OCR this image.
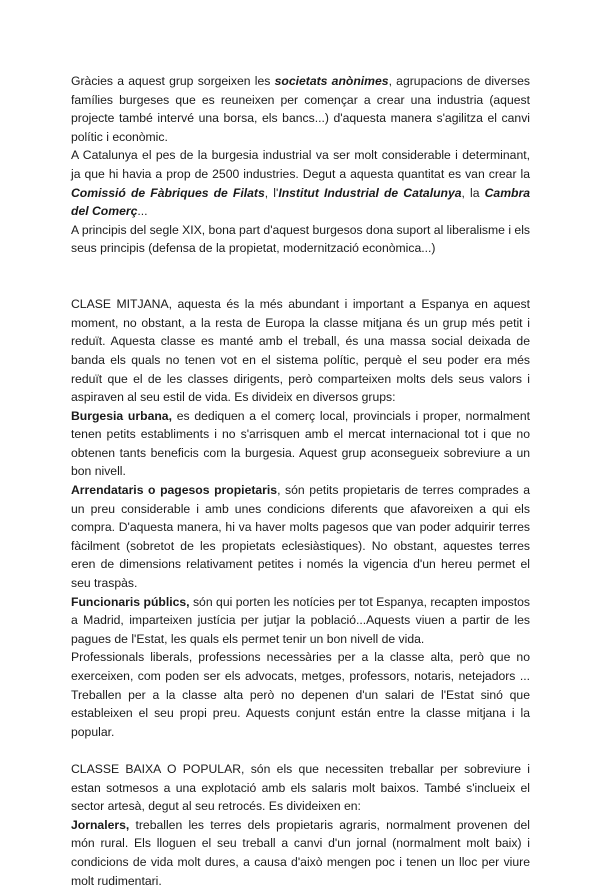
Gràcies a aquest grup sorgeixen les societats anònimes, agrupacions de diverses famílies burgeses que es reuneixen per començar a crear una industria (aquest projecte també intervé una borsa, els bancs...) d'aquesta manera s'agilitza el canvi polític i econòmic.

A Catalunya el pes de la burgesia industrial va ser molt considerable i determinant, ja que hi havia a prop de 2500 industries. Degut a aquesta quantitat es van crear la Comissió de Fàbriques de Filats, l'Institut Industrial de Catalunya, la Cambra del Comerç...

A principis del segle XIX, bona part d'aquest burgesos dona suport al liberalisme i els seus principis (defensa de la propietat, modernització econòmica...)

CLASE MITJANA, aquesta és la més abundant i important a Espanya en aquest moment, no obstant, a la resta de Europa la classe mitjana és un grup més petit i reduït. Aquesta classe es manté amb el treball, és una massa social deixada de banda els quals no tenen vot en el sistema polític, perquè el seu poder era més reduït que el de les classes dirigents, però comparteixen molts dels seus valors i aspiraven al seu estil de vida. Es divideix en diversos grups:

Burgesia urbana, es dediquen a el comerç local, provincials i proper, normalment tenen petits establiments i no s'arrisquen amb el mercat internacional tot i que no obtenen tants beneficis com la burgesia. Aquest grup aconsegueix sobreviure a un bon nivell.

Arrendataris o pagesos propietaris, són petits propietaris de terres comprades a un preu considerable i amb unes condicions diferents que afavoreixen a qui els compra. D'aquesta manera, hi va haver molts pagesos que van poder adquirir terres fàcilment (sobretot de les propietats eclesiàstiques). No obstant, aquestes terres eren de dimensions relativament petites i només la vigencia d'un hereu permet el seu traspàs.

Funcionaris públics, són qui porten les notícies per tot Espanya, recapten impostos a Madrid, imparteixen justícia per jutjar la població...Aquests viuen a partir de les pagues de l'Estat, les quals els permet tenir un bon nivell de vida.

Professionals liberals, professions necessàries per a la classe alta, però que no exerceixen, com poden ser els advocats, metges, professors, notaris, netejadors ... Treballen per a la classe alta però no depenen d'un salari de l'Estat sinó que estableixen el seu propi preu. Aquests conjunt están entre la classe mitjana i la popular.

CLASSE BAIXA O POPULAR, són els que necessiten treballar per sobreviure i estan sotmesos a una explotació amb els salaris molt baixos. També s'inclueix el sector artesà, degut al seu retrocés. Es divideixen en:

Jornalers, treballen les terres dels propietaris agraris, normalment provenen del món rural. Els lloguen el seu treball a canvi d'un jornal (normalment molt baix) i condicions de vida molt dures, a causa d'això mengen poc i tenen un lloc per viure molt rudimentari.
